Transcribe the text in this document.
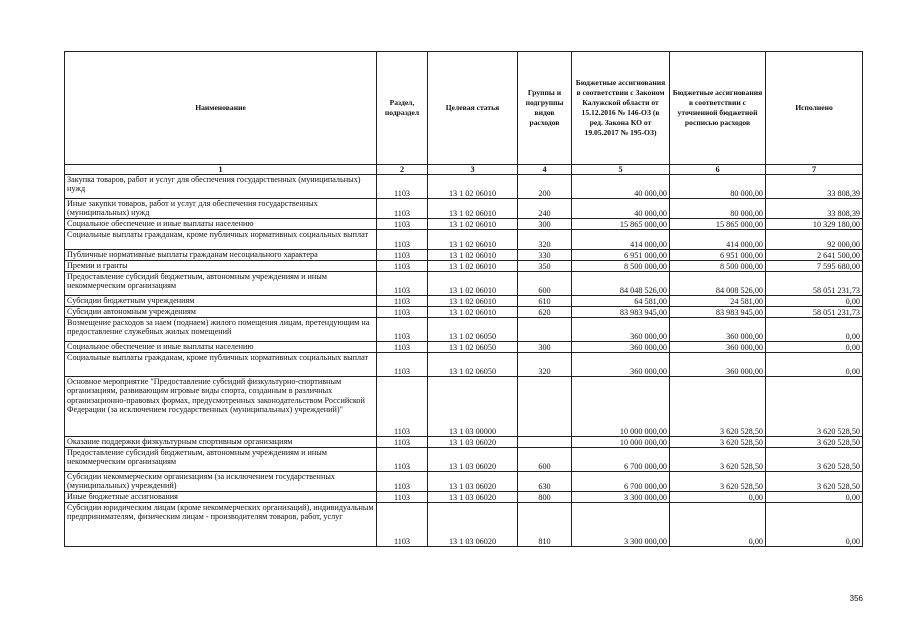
Наименование	Раздел, подраздел	Целевая статья	Группы и подгруппы видов расходов	Бюджетные ассигнования в соответствии с Законом Калужской области от 15.12.2016 № 146-ОЗ (в ред. Закона КО от 19.05.2017 № 195-ОЗ)	Бюджетные ассигнования в соответствии с уточненной бюджетной росписью расходов	Исполнено
1	2	3	4	5	6	7
Закупка товаров, работ и услуг для обеспечения государственных (муниципальных) нужд	1103	13 1 02 06010	200	40 000,00	80 000,00	33 808,39
Иные закупки товаров, работ и услуг для обеспечения государственных (муниципальных) нужд	1103	13 1 02 06010	240	40 000,00	80 000,00	33 808,39
Социальное обеспечение и иные выплаты населению	1103	13 1 02 06010	300	15 865 000,00	15 865 000,00	10 329 180,00
Социальные выплаты гражданам, кроме публичных нормативных социальных выплат	1103	13 1 02 06010	320	414 000,00	414 000,00	92 000,00
Публичные нормативные выплаты гражданам несоциального характера	1103	13 1 02 06010	330	6 951 000,00	6 951 000,00	2 641 500,00
Премии и гранты	1103	13 1 02 06010	350	8 500 000,00	8 500 000,00	7 595 680,00
Предоставление субсидий бюджетным, автономным учреждениям и иным некоммерческим организациям	1103	13 1 02 06010	600	84 048 526,00	84 008 526,00	58 051 231,73
Субсидии бюджетным учреждениям	1103	13 1 02 06010	610	64 581,00	24 581,00	0,00
Субсидии автономным учреждениям	1103	13 1 02 06010	620	83 983 945,00	83 983 945,00	58 051 231,73
Возмещение расходов за наем (поднаем) жилого помещения лицам, претендующим на предоставление служебных жилых помещений	1103	13 1 02 06050		360 000,00	360 000,00	0,00
Социальное обеспечение и иные выплаты населению	1103	13 1 02 06050	300	360 000,00	360 000,00	0,00
Социальные выплаты гражданам, кроме публичных нормативных социальных выплат	1103	13 1 02 06050	320	360 000,00	360 000,00	0,00
Основное мероприятие "Предоставление субсидий физкультурно-спортивным организациям, развивающим игровые виды спорта, созданным в различных организационно-правовых формах, предусмотренных законодательством Российской Федерации (за исключением государственных (муниципальных) учреждений)"	1103	13 1 03 00000		10 000 000,00	3 620 528,50	3 620 528,50
Оказание поддержки физкультурным спортивным организациям	1103	13 1 03 06020		10 000 000,00	3 620 528,50	3 620 528,50
Предоставление субсидий бюджетным, автономным учреждениям и иным некоммерческим организациям	1103	13 1 03 06020	600	6 700 000,00	3 620 528,50	3 620 528,50
Субсидии некоммерческим организациям (за исключением государственных (муниципальных) учреждений)	1103	13 1 03 06020	630	6 700 000,00	3 620 528,50	3 620 528,50
Иные бюджетные ассигнования	1103	13 1 03 06020	800	3 300 000,00	0,00	0,00
Субсидии юридическим лицам (кроме некоммерческих организаций), индивидуальным предпринимателям, физическим лицам - производителям товаров, работ, услуг	1103	13 1 03 06020	810	3 300 000,00	0,00	0,00
356
